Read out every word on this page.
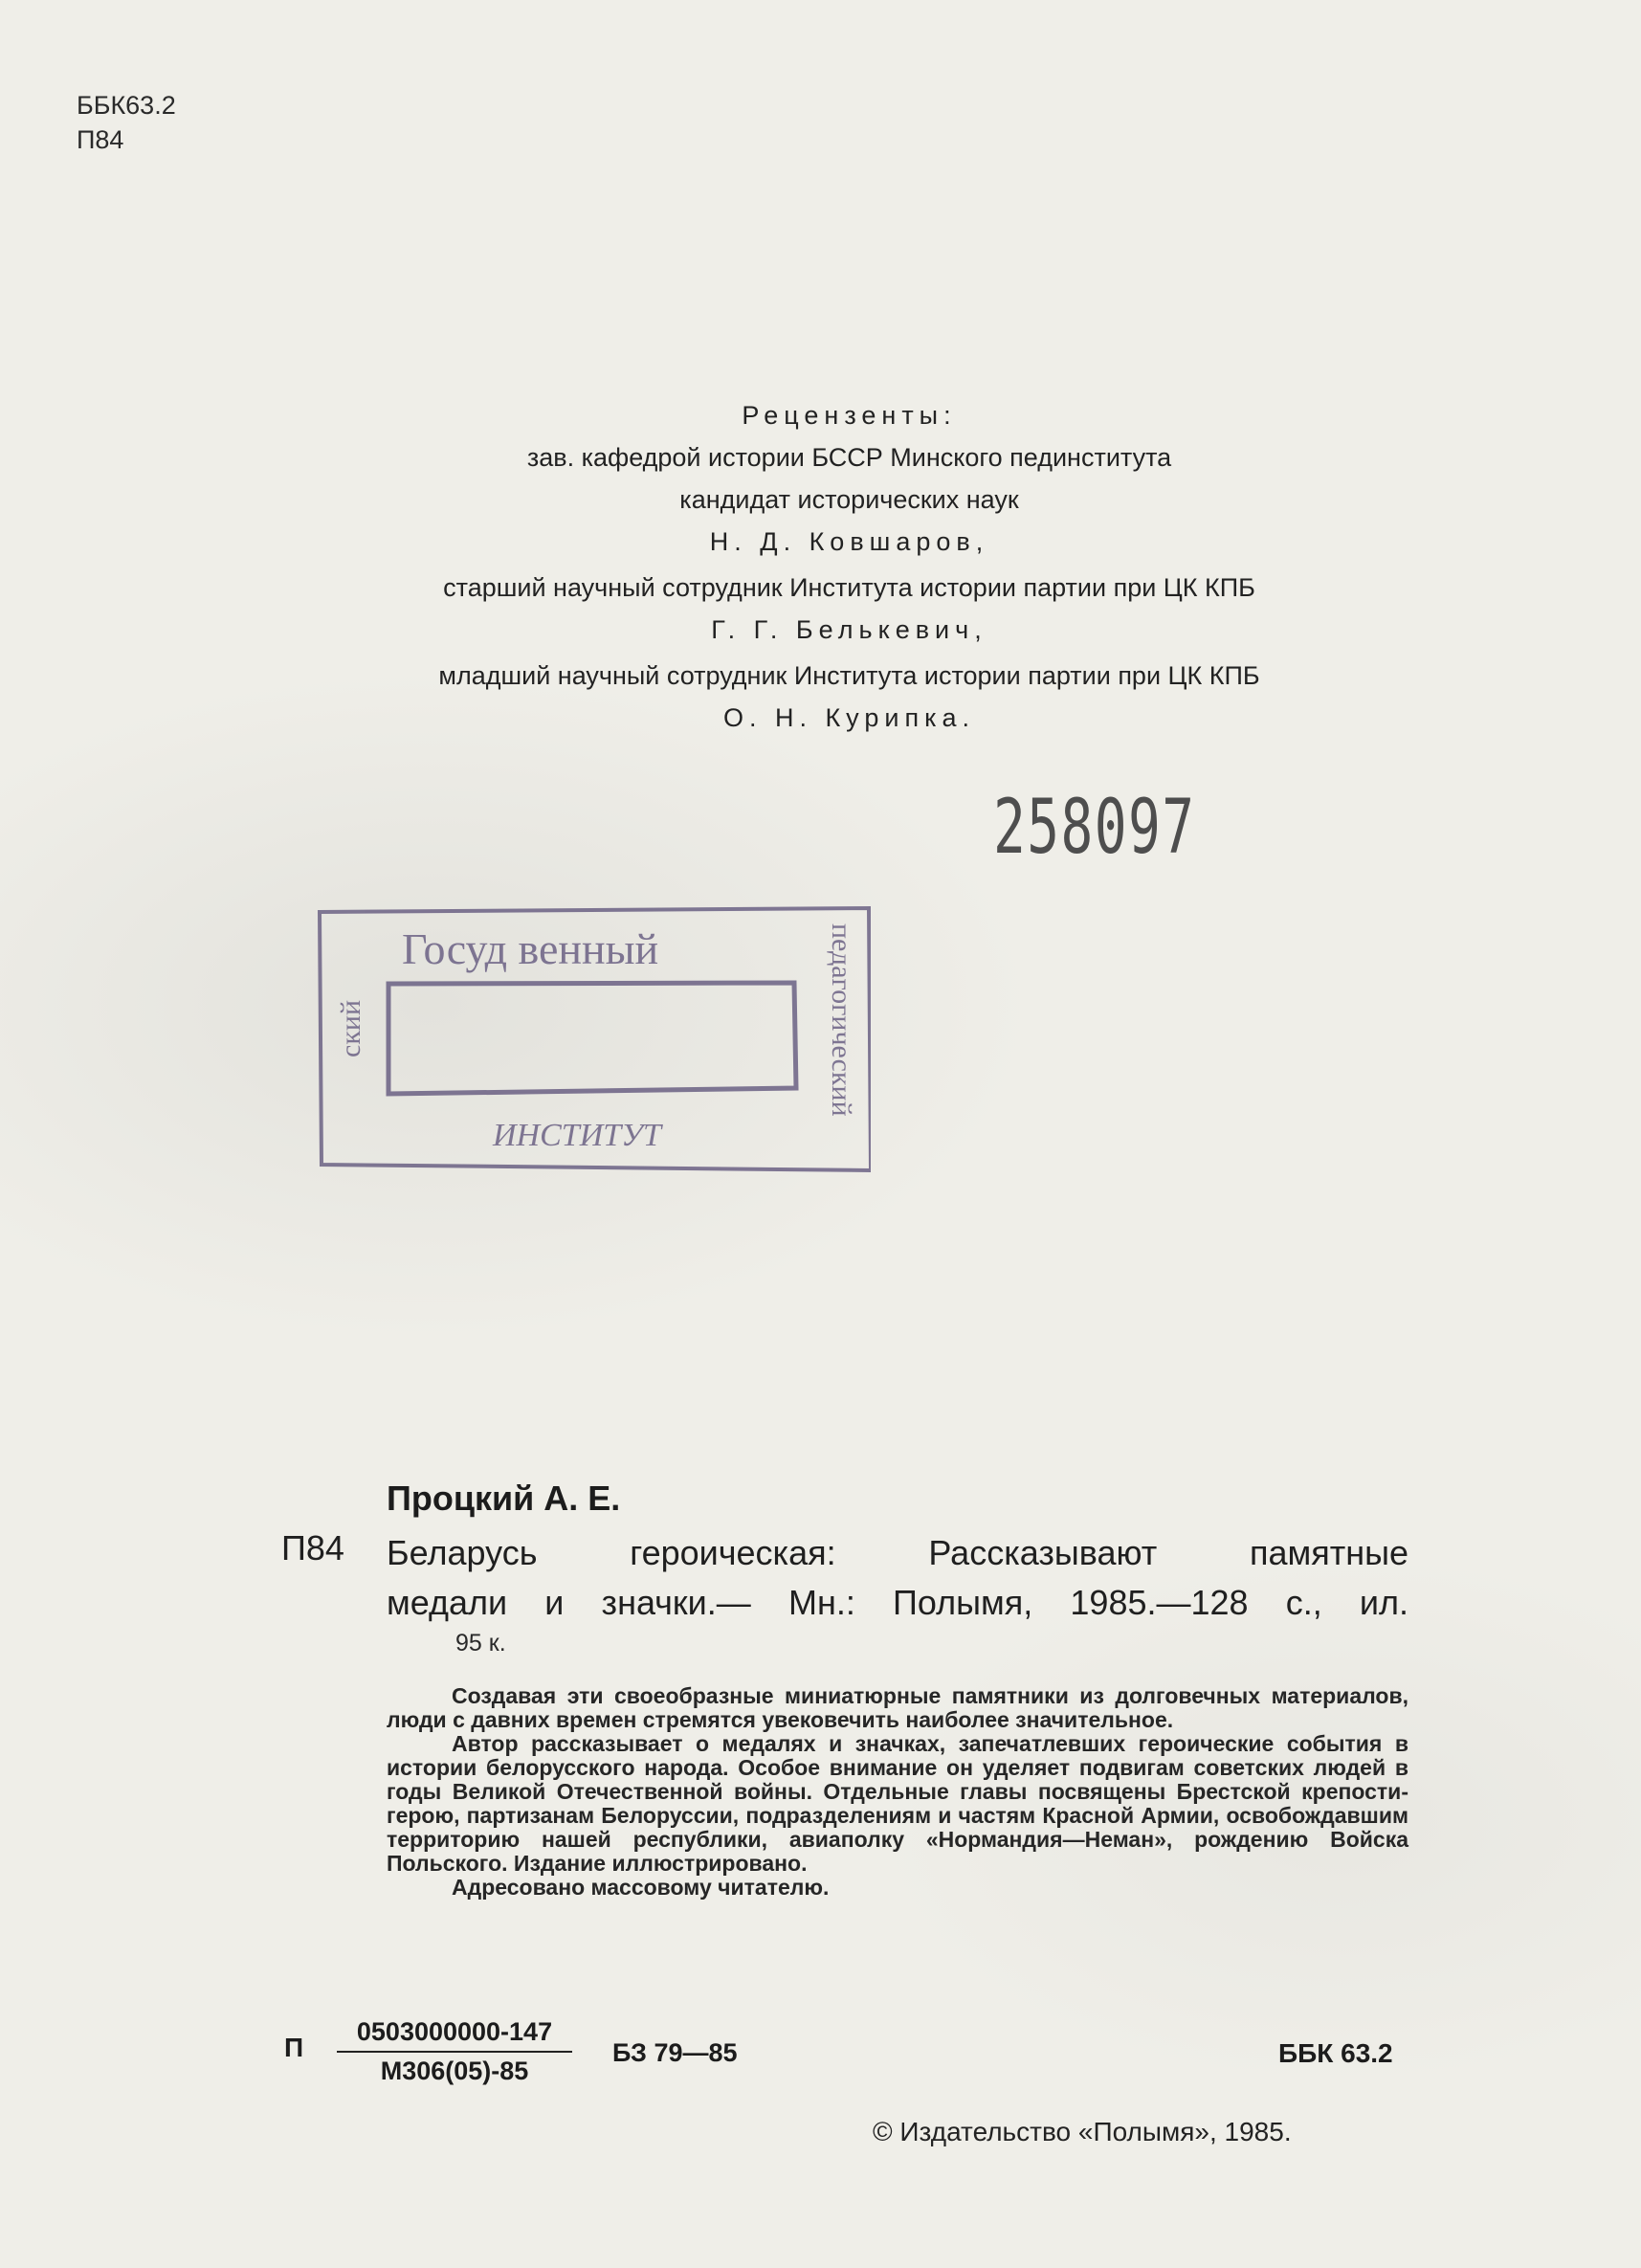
ББК63.2
П84
Рецензенты:
зав. кафедрой истории БССР Минского пединститута
кандидат исторических наук
Н. Д. Ковшаров,
старший научный сотрудник Института истории партии при ЦК КПБ
Г. Г. Белькевич,
младший научный сотрудник Института истории партии при ЦК КПБ
О. Н. Курипка.
258097
Госуд венный
ский	педагогический
ИНСТИТУТ
Процкий А. Е.
П84 Беларусь героическая: Рассказывают памятные
медали и значки.— Мн.: Полымя, 1985.—128 с., ил.
95 к.

Создавая эти своеобразные миниатюрные памятники из долговечных материалов, люди с давних времен стремятся увековечить наиболее значительное.

Автор рассказывает о медалях и значках, запечатлевших героические события в истории белорусского народа. Особое внимание он уделяет подвигам советских людей в годы Великой Отечественной войны. Отдельные главы посвящены Брестской крепости-герою, партизанам Белоруссии, подразделениям и частям Красной Армии, освобождавшим территорию нашей республики, авиаполку «Нормандия—Неман», рождению Войска Польского. Издание иллюстрировано.

Адресовано массовому читателю.

П
0503000000-147
М306(05)-85
БЗ 79—85	ББК 63.2
© Издательство «Полымя», 1985.
